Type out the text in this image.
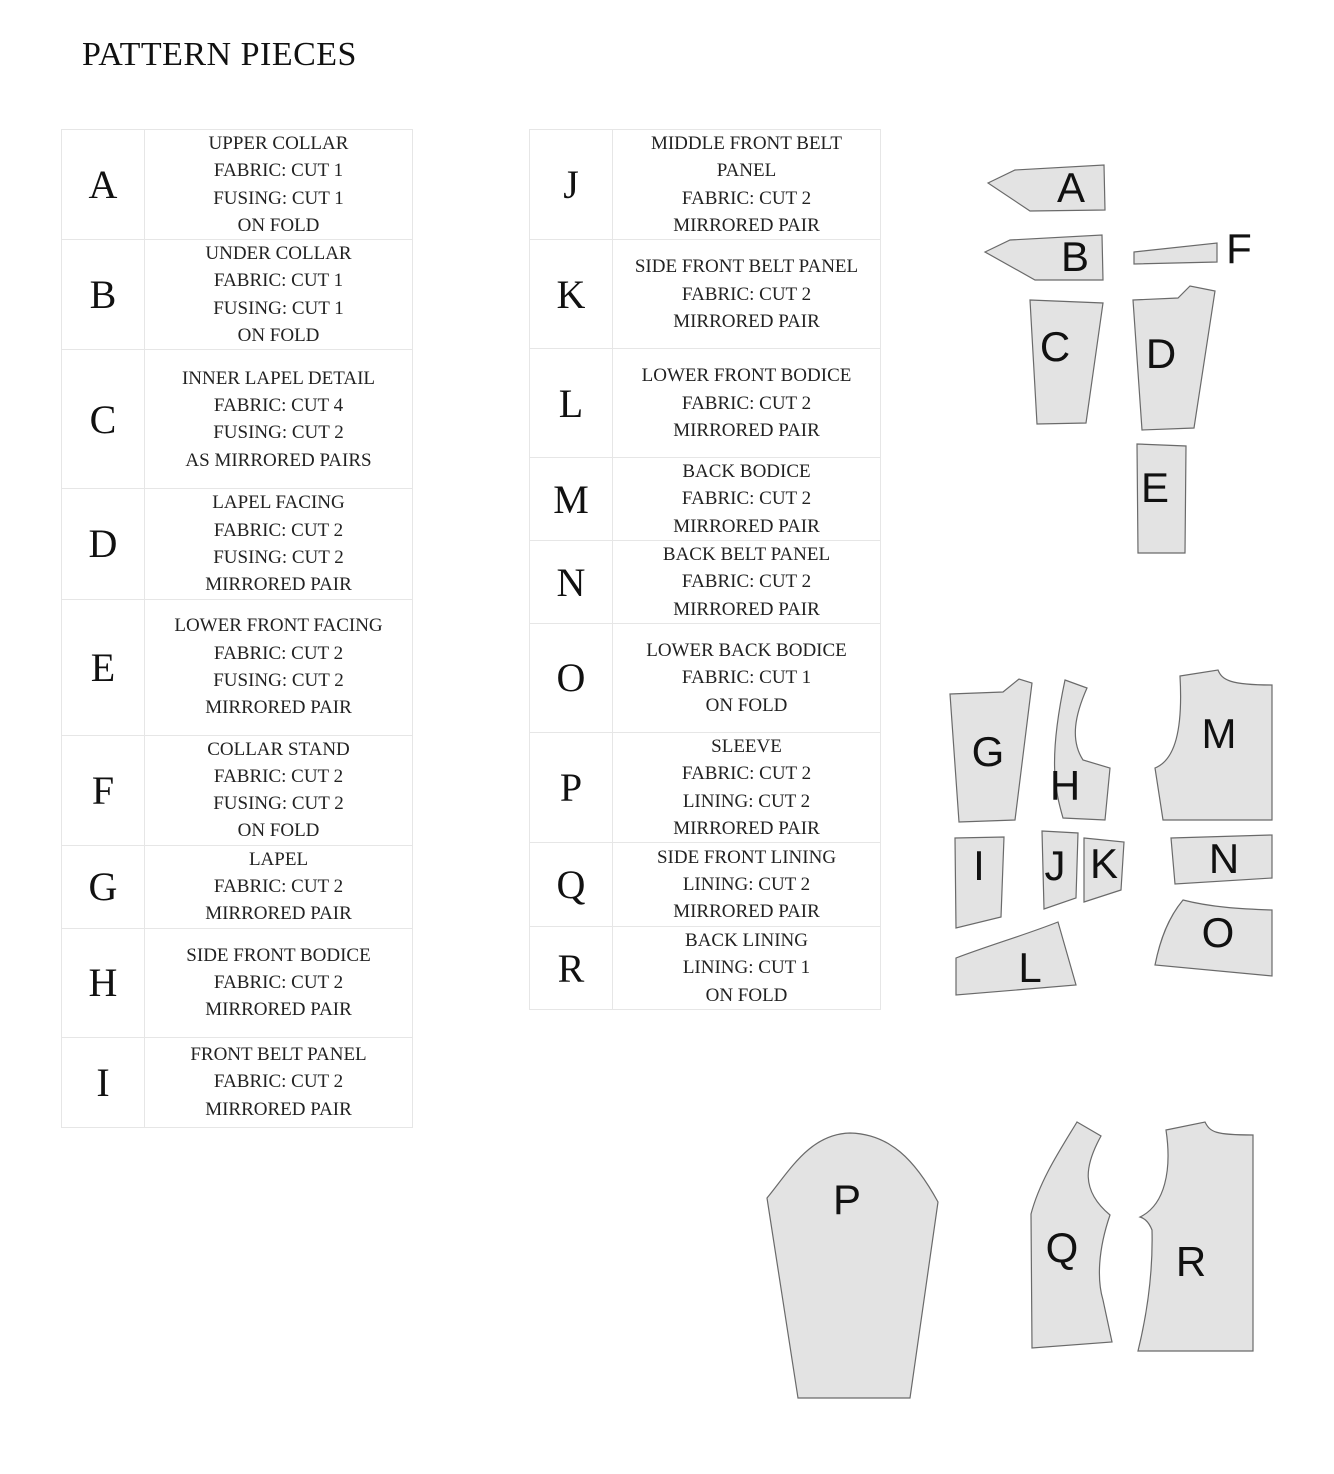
PATTERN PIECES
A	UPPER COLLAR
FABRIC: CUT 1
FUSING: CUT 1
ON FOLD

B	UNDER COLLAR
FABRIC: CUT 1
FUSING: CUT 1
ON FOLD

C	INNER LAPEL DETAIL
FABRIC: CUT 4
FUSING: CUT 2
AS MIRRORED PAIRS

D	LAPEL FACING
FABRIC: CUT 2
FUSING: CUT 2
MIRRORED PAIR

E	LOWER FRONT FACING
FABRIC: CUT 2
FUSING: CUT 2
MIRRORED PAIR

F	COLLAR STAND
FABRIC: CUT 2
FUSING: CUT 2
ON FOLD

G	LAPEL
FABRIC: CUT 2
MIRRORED PAIR

H	SIDE FRONT BODICE
FABRIC: CUT 2
MIRRORED PAIR

I	FRONT BELT PANEL
FABRIC: CUT 2
MIRRORED PAIR
J	MIDDLE FRONT BELT
PANEL
FABRIC: CUT 2
MIRRORED PAIR

K	SIDE FRONT BELT PANEL
FABRIC: CUT 2
MIRRORED PAIR

L	LOWER FRONT BODICE
FABRIC: CUT 2
MIRRORED PAIR

M	BACK BODICE
FABRIC: CUT 2
MIRRORED PAIR

N	BACK BELT PANEL
FABRIC: CUT 2
MIRRORED PAIR

O	LOWER BACK BODICE
FABRIC: CUT 1
ON FOLD

P	SLEEVE
FABRIC: CUT 2
LINING: CUT 2
MIRRORED PAIR

Q	SIDE FRONT LINING
LINING: CUT 2
MIRRORED PAIR

R	BACK LINING
LINING: CUT 1
ON FOLD
A
B	F
C D
E
G
H
M
I J K N
O
L
P
Q R
